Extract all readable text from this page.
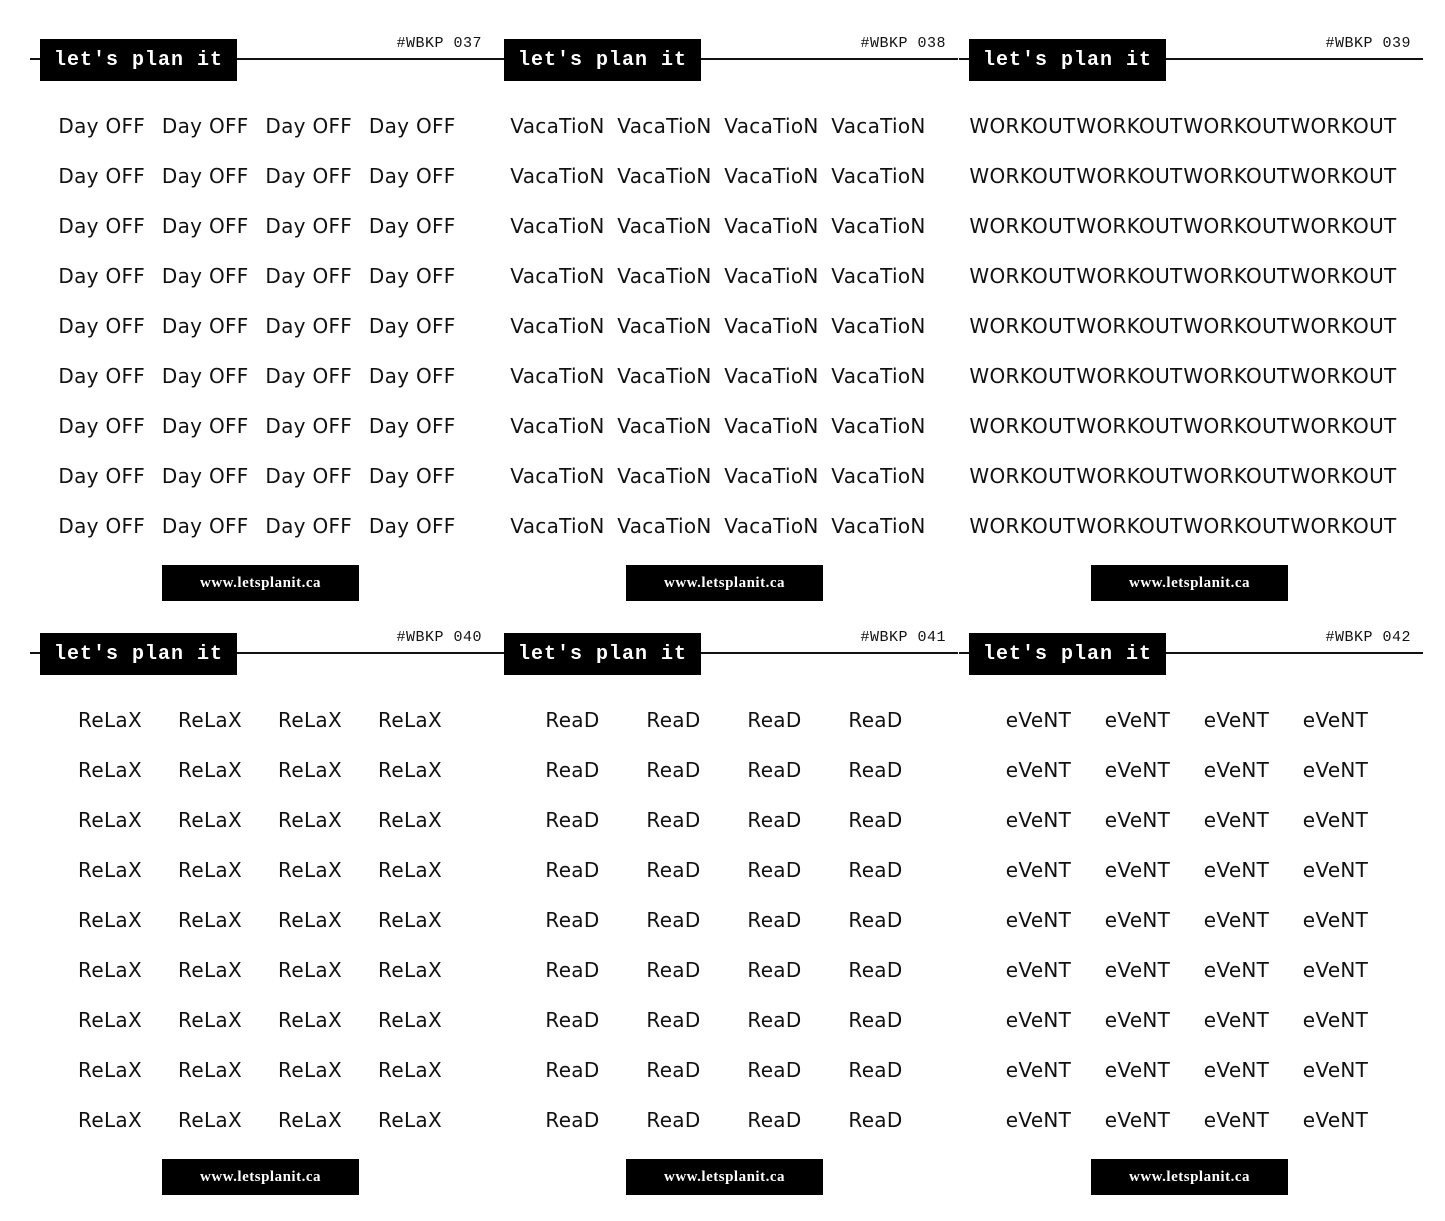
let's plan it
#WBKP 037
Day OFF Day OFF Day OFF Day OFF
Day OFF Day OFF Day OFF Day OFF
Day OFF Day OFF Day OFF Day OFF
Day OFF Day OFF Day OFF Day OFF
Day OFF Day OFF Day OFF Day OFF
Day OFF Day OFF Day OFF Day OFF
Day OFF Day OFF Day OFF Day OFF
Day OFF Day OFF Day OFF Day OFF
Day OFF Day OFF Day OFF Day OFF
www.letsplanit.ca
let's plan it
#WBKP 038
VacaTioN VacaTioN VacaTioN VacaTioN
VacaTioN VacaTioN VacaTioN VacaTioN
VacaTioN VacaTioN VacaTioN VacaTioN
VacaTioN VacaTioN VacaTioN VacaTioN
VacaTioN VacaTioN VacaTioN VacaTioN
VacaTioN VacaTioN VacaTioN VacaTioN
VacaTioN VacaTioN VacaTioN VacaTioN
VacaTioN VacaTioN VacaTioN VacaTioN
VacaTioN VacaTioN VacaTioN VacaTioN
www.letsplanit.ca
let's plan it
#WBKP 039
WORKOUT WORKOUT WORKOUT WORKOUT
WORKOUT WORKOUT WORKOUT WORKOUT
WORKOUT WORKOUT WORKOUT WORKOUT
WORKOUT WORKOUT WORKOUT WORKOUT
WORKOUT WORKOUT WORKOUT WORKOUT
WORKOUT WORKOUT WORKOUT WORKOUT
WORKOUT WORKOUT WORKOUT WORKOUT
WORKOUT WORKOUT WORKOUT WORKOUT
WORKOUT WORKOUT WORKOUT WORKOUT
www.letsplanit.ca
let's plan it
#WBKP 040
ReLaX	ReLaX	ReLaX	ReLaX
ReLaX	ReLaX	ReLaX	ReLaX
ReLaX	ReLaX	ReLaX	ReLaX
ReLaX	ReLaX	ReLaX	ReLaX
ReLaX	ReLaX	ReLaX	ReLaX
ReLaX	ReLaX	ReLaX	ReLaX
ReLaX	ReLaX	ReLaX	ReLaX
ReLaX	ReLaX	ReLaX	ReLaX
ReLaX	ReLaX	ReLaX	ReLaX
www.letsplanit.ca
let's plan it
#WBKP 041
ReaD	ReaD	ReaD	ReaD
ReaD	ReaD	ReaD	ReaD
ReaD	ReaD	ReaD	ReaD
ReaD	ReaD	ReaD	ReaD
ReaD	ReaD	ReaD	ReaD
ReaD	ReaD	ReaD	ReaD
ReaD	ReaD	ReaD	ReaD
ReaD	ReaD	ReaD	ReaD
ReaD	ReaD	ReaD	ReaD
www.letsplanit.ca
let's plan it
#WBKP 042
eVeNT	eVeNT	eVeNT	eVeNT
eVeNT	eVeNT	eVeNT	eVeNT
eVeNT	eVeNT	eVeNT	eVeNT
eVeNT	eVeNT	eVeNT	eVeNT
eVeNT	eVeNT	eVeNT	eVeNT
eVeNT	eVeNT	eVeNT	eVeNT
eVeNT	eVeNT	eVeNT	eVeNT
eVeNT	eVeNT	eVeNT	eVeNT
eVeNT	eVeNT	eVeNT	eVeNT
www.letsplanit.ca
